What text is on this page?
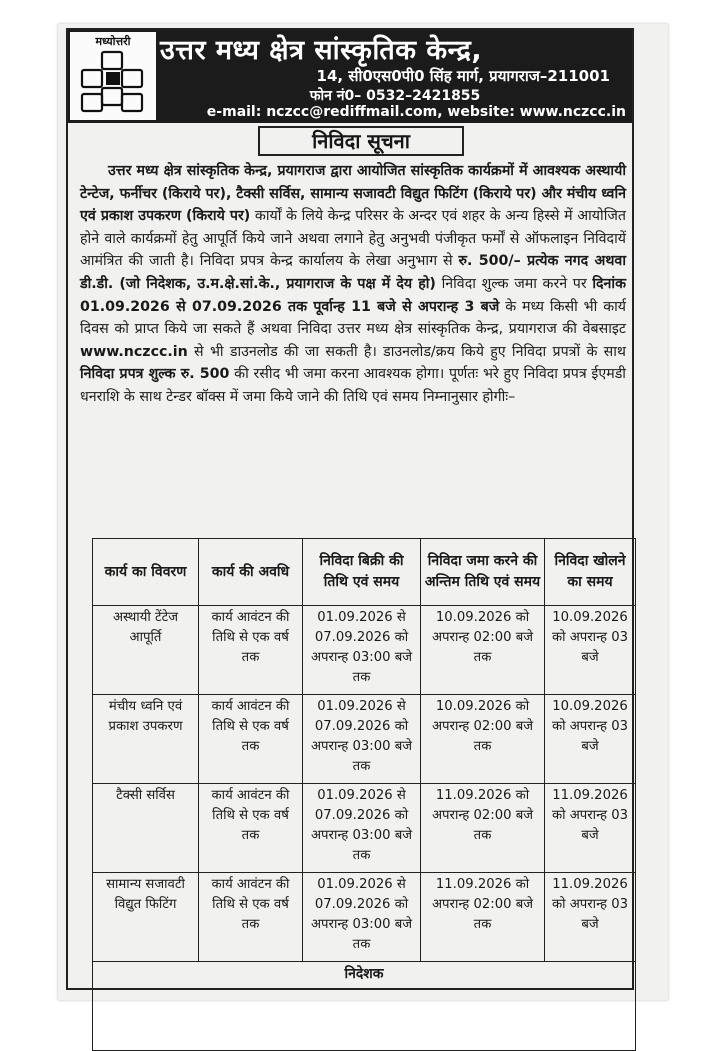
मध्योत्तरी	उत्तर मध्य क्षेत्र सांस्कृतिक केन्द्र,
14, सी0एस0पी0 सिंह मार्ग, प्रयागराज–211001
फोन नं0– 0532–2421855
e-mail: nczcc@rediffmail.com, website: www.nczcc.in
निविदा सूचना
उत्तर मध्य क्षेत्र सांस्कृतिक केन्द्र, प्रयागराज द्वारा आयोजित सांस्कृतिक कार्यक्रमों में आवश्यक अस्थायी टेन्टेज, फर्नीचर (किराये पर), टैक्सी सर्विस, सामान्य सजावटी विद्युत फिटिंग (किराये पर) और मंचीय ध्वनि एवं प्रकाश उपकरण (किराये पर) कार्यों के लिये केन्द्र परिसर के अन्दर एवं शहर के अन्य हिस्से में आयोजित होने वाले कार्यक्रमों हेतु आपूर्ति किये जाने अथवा लगाने हेतु अनुभवी पंजीकृत फर्मों से ऑफलाइन निविदायें आमंत्रित की जाती है। निविदा प्रपत्र केन्द्र कार्यालय के लेखा अनुभाग से रु. 500/– प्रत्येक नगद अथवा डी.डी. (जो निदेशक, उ.म.क्षे.सां.के., प्रयागराज के पक्ष में देय हो) निविदा शुल्क जमा करने पर दिनांक 01.09.2026 से 07.09.2026 तक पूर्वान्ह 11 बजे से अपरान्ह 3 बजे के मध्य किसी भी कार्य दिवस को प्राप्त किये जा सकते हैं अथवा निविदा उत्तर मध्य क्षेत्र सांस्कृतिक केन्द्र, प्रयागराज की वेबसाइट www.nczcc.in से भी डाउनलोड की जा सकती है। डाउनलोड/क्रय किये हुए निविदा प्रपत्रों के साथ निविदा प्रपत्र शुल्क रु. 500 की रसीद भी जमा करना आवश्यक होगा। पूर्णतः भरे हुए निविदा प्रपत्र ईएमडी धनराशि के साथ टेन्डर बॉक्स में जमा किये जाने की तिथि एवं समय निम्नानुसार होगीः–
कार्य का विवरण	कार्य की अवधि	निविदा बिक्री की तिथि एवं समय	निविदा जमा करने की अन्तिम तिथि एवं समय	निविदा खोलने का समय
अस्थायी टेंटेज आपूर्ति	कार्य आवंटन की तिथि से एक वर्ष तक	01.09.2026 से 07.09.2026 को अपरान्ह 03:00 बजे तक	10.09.2026 को अपरान्ह 02:00 बजे तक	10.09.2026 को अपरान्ह 03 बजे
मंचीय ध्वनि एवं प्रकाश उपकरण	कार्य आवंटन की तिथि से एक वर्ष तक	01.09.2026 से 07.09.2026 को अपरान्ह 03:00 बजे तक	10.09.2026 को अपरान्ह 02:00 बजे तक	10.09.2026 को अपरान्ह 03 बजे
टैक्सी सर्विस	कार्य आवंटन की तिथि से एक वर्ष तक	01.09.2026 से 07.09.2026 को अपरान्ह 03:00 बजे तक	11.09.2026 को अपरान्ह 02:00 बजे तक	11.09.2026 को अपरान्ह 03 बजे
सामान्य सजावटी विद्युत फिटिंग	कार्य आवंटन की तिथि से एक वर्ष तक	01.09.2026 से 07.09.2026 को अपरान्ह 03:00 बजे तक	11.09.2026 को अपरान्ह 02:00 बजे तक	11.09.2026 को अपरान्ह 03 बजे
निदेशक				
